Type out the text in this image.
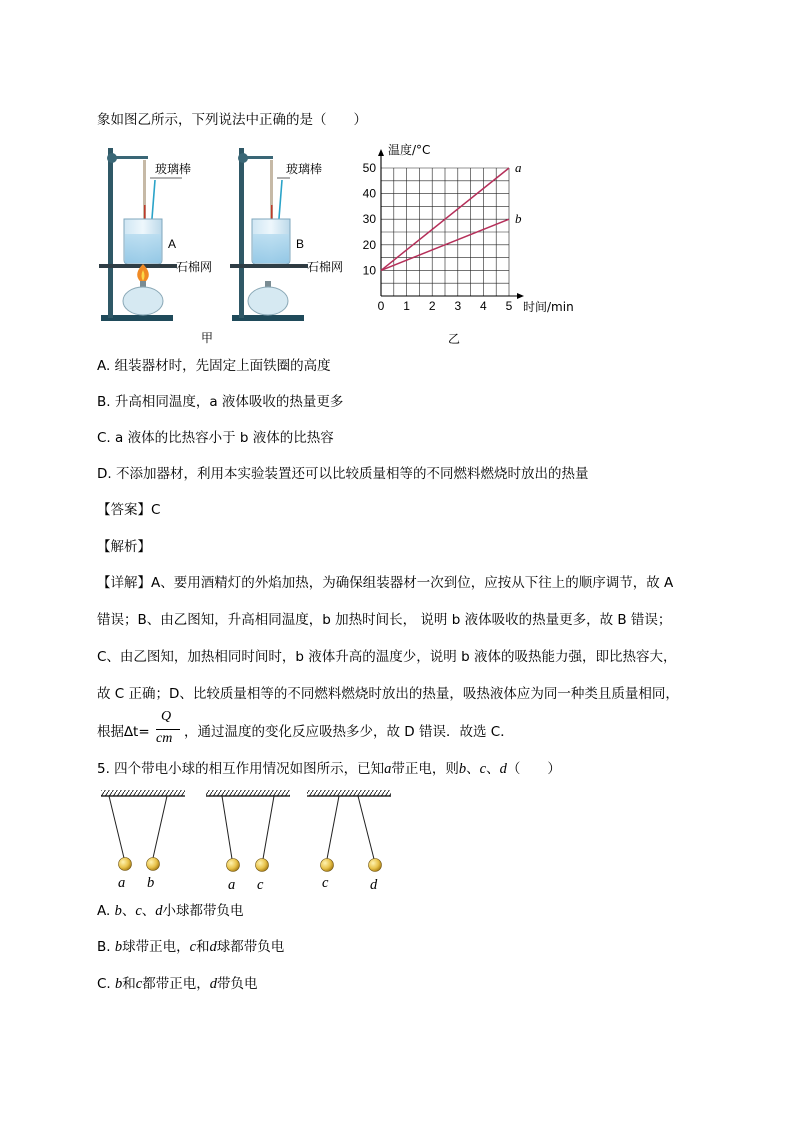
象如图乙所示，下列说法中正确的是（　　）
玻璃棒
A
石棉网
玻璃棒
B
石棉网
甲	乙
a
b
0 1 2 3 4 5
10
20
30
40
50
温度/°C
时间/min
A. 组装器材时，先固定上面铁圈的高度
B. 升高相同温度，a 液体吸收的热量更多
C. a 液体的比热容小于 b 液体的比热容
D. 不添加器材，利用本实验装置还可以比较质量相等的不同燃料燃烧时放出的热量
【答案】C
【解析】
【详解】A、要用酒精灯的外焰加热，为确保组装器材一次到位，应按从下往上的顺序调节，故 A
错误；B、由乙图知，升高相同温度，b 加热时间长， 说明 b 液体吸收的热量更多，故 B 错误；
C、由乙图知，加热相同时间时，b 液体升高的温度少，说明 b 液体的吸热能力强，即比热容大，
故 C 正确；D、比较质量相等的不同燃料燃烧时放出的热量，吸热液体应为同一种类且质量相同，
根据∆t=
Q
cm ，通过温度的变化反应吸热多少，故 D 错误．故选 C．
5. 四个带电小球的相互作用情况如图所示，已知a带正电，则b、c、d（　　）
a b	a c	c	d
A. b、c、d小球都带负电
B. b球带正电，c和d球都带负电
C. b和c都带正电，d带负电
